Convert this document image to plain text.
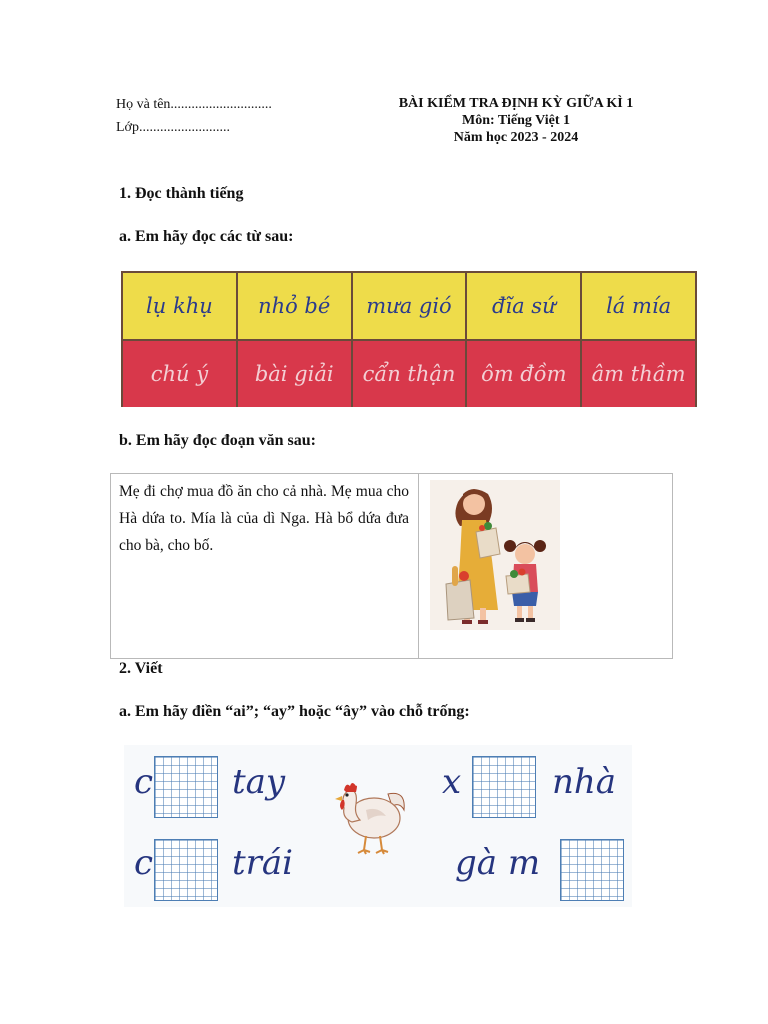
Họ và tên.............................
Lớp..........................
BÀI KIỂM TRA ĐỊNH KỲ GIỮA KÌ 1
Môn: Tiếng Việt 1
Năm học 2023 - 2024
1. Đọc thành tiếng
a. Em hãy đọc các từ sau:
lụ khụ	nhỏ bé	mưa gió	đĩa sứ	lá mía
chú ý	bài giải	cẩn thận	ôm đồm	âm thầm
b. Em hãy đọc đoạn văn sau:
Mẹ đi chợ mua đồ ăn cho cả nhà. Mẹ mua cho Hà dứa to. Mía là của dì Nga. Hà bổ dứa đưa cho bà, cho bố.
2. Viết
a. Em hãy điền “ai”; “ay” hoặc “ây” vào chỗ trống:
c tay	x	nhà
c trái	gà m
